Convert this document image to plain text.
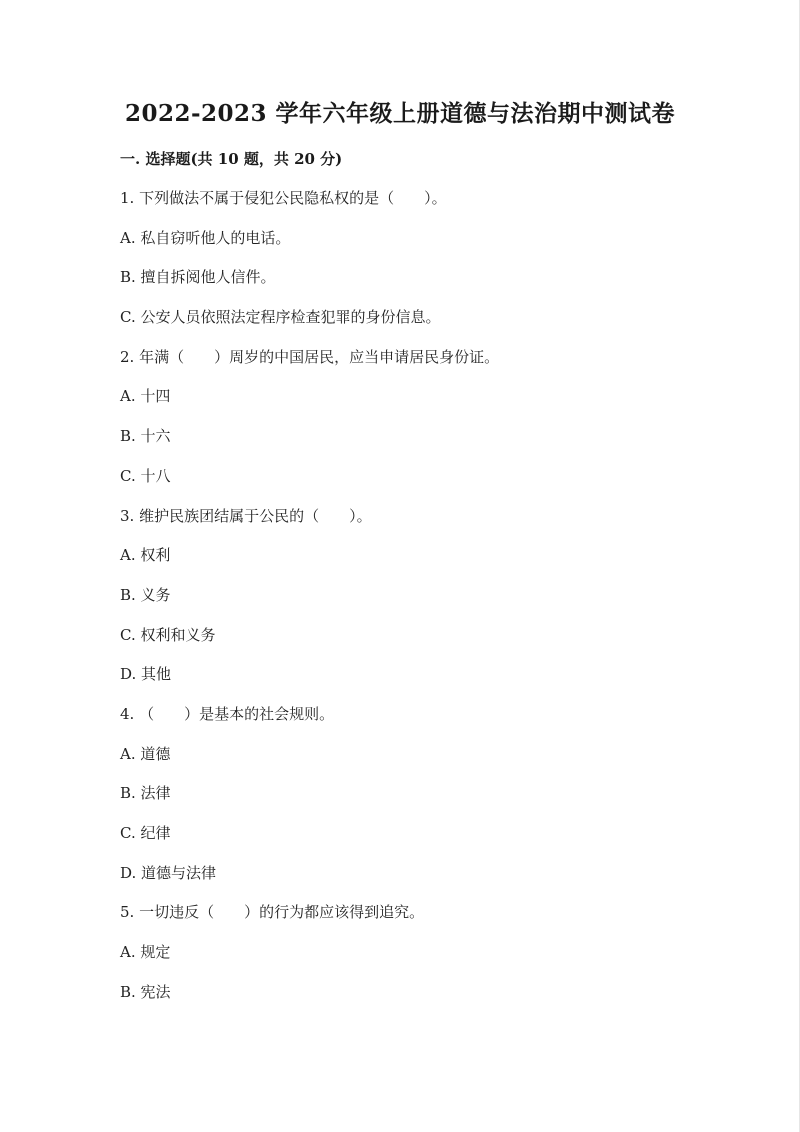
2022-2023 学年六年级上册道德与法治期中测试卷
一. 选择题(共 10 题，共 20 分)
1. 下列做法不属于侵犯公民隐私权的是（　　）。
A. 私自窃听他人的电话。
B. 擅自拆阅他人信件。
C. 公安人员依照法定程序检查犯罪的身份信息。
2. 年满（　　）周岁的中国居民，应当申请居民身份证。
A. 十四
B. 十六
C. 十八
3. 维护民族团结属于公民的（　　）。
A. 权利
B. 义务
C. 权利和义务
D. 其他
4. （　　）是基本的社会规则。
A. 道德
B. 法律
C. 纪律
D. 道德与法律
5. 一切违反（　　）的行为都应该得到追究。
A. 规定
B. 宪法
